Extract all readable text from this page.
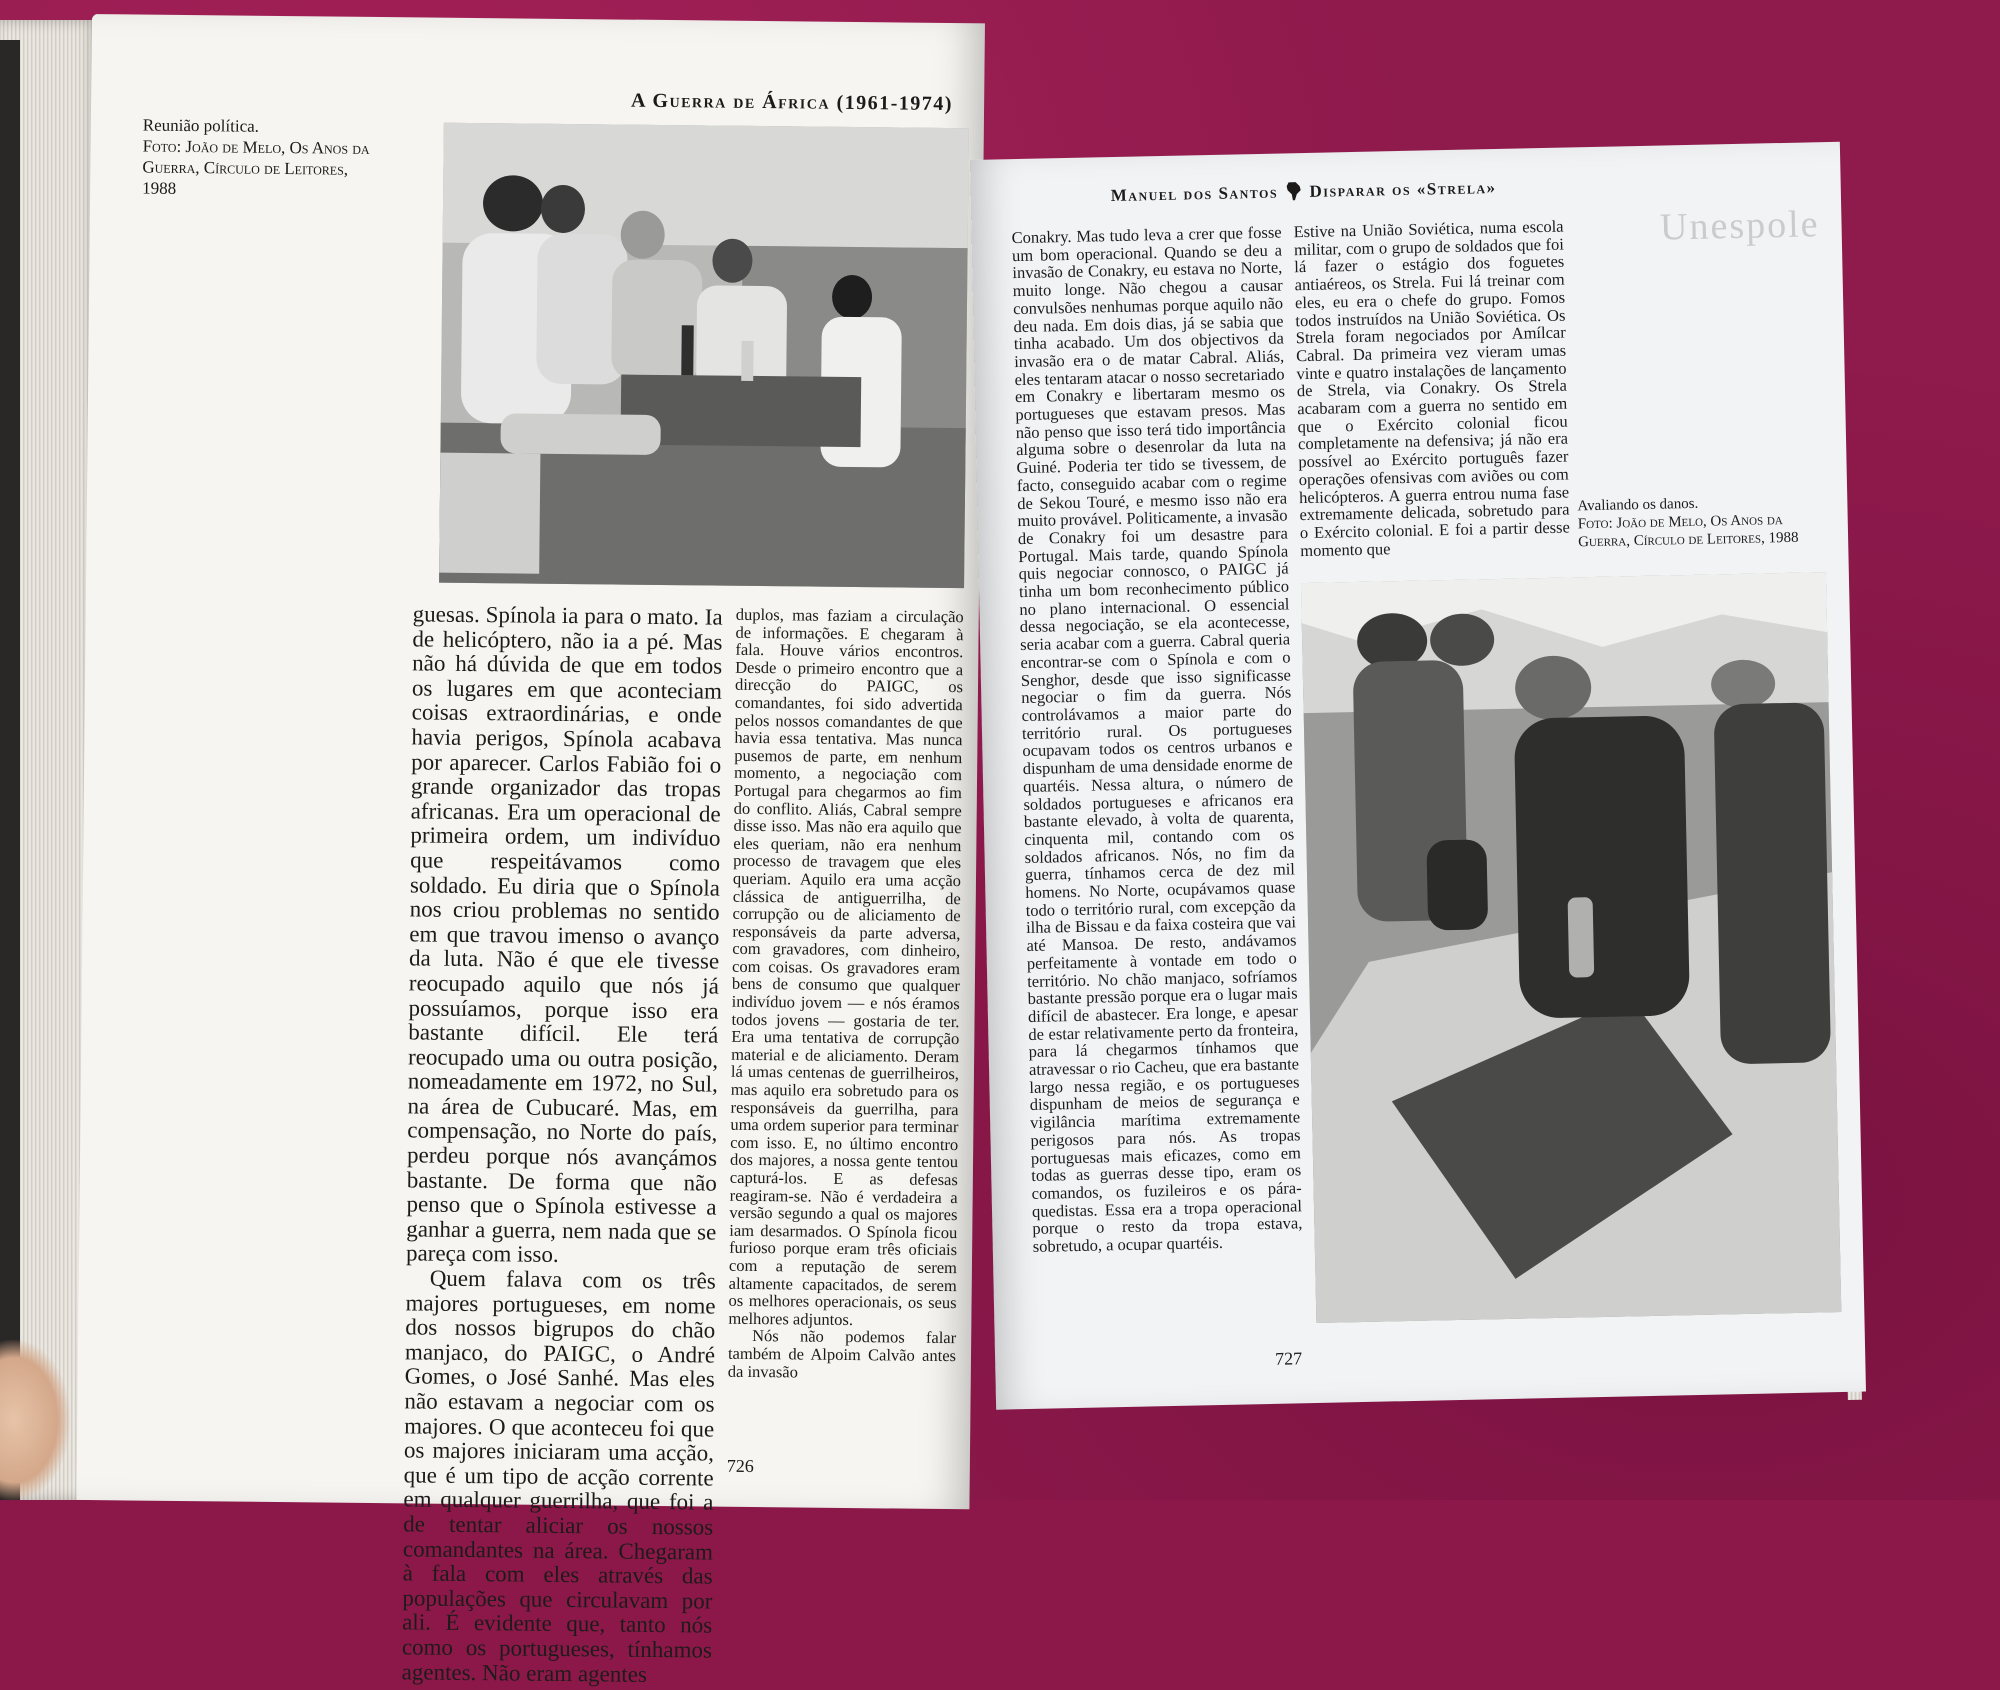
A Guerra de África (1961-1974)
Reunião política.
Foto: João de Melo, Os Anos da Guerra, Círculo de Leitores, 1988

guesas. Spínola ia para o mato. Ia de helicóptero, não ia a pé. Mas não há dúvida de que em todos os lugares em que aconteciam coisas extraordinárias, e onde havia perigos, Spínola acabava por aparecer. Carlos Fabião foi o grande organizador das tropas africanas. Era um operacional de primeira ordem, um indivíduo que respeitávamos como soldado. Eu diria que o Spínola nos criou problemas no sentido em que travou imenso o avanço da luta. Não é que ele tivesse reocupado aquilo que nós já possuíamos, porque isso era bastante difícil. Ele terá reocupado uma ou outra posição, nomeadamente em 1972, no Sul, na área de Cubucaré. Mas, em compensação, no Norte do país, perdeu porque nós avançámos bastante. De forma que não penso que o Spínola estivesse a ganhar a guerra, nem nada que se pareça com isso.

Quem falava com os três majores portugueses, em nome dos nossos bigrupos do chão manjaco, do PAIGC, o André Gomes, o José Sanhé. Mas eles não estavam a negociar com os majores. O que aconteceu foi que os majores iniciaram uma acção, que é um tipo de acção corrente em qualquer guerrilha, que foi a de tentar aliciar os nossos comandantes na área. Chegaram à fala com eles através das populações que circulavam por ali. É evidente que, tanto nós como os portugueses, tínhamos agentes. Não eram agentes

duplos, mas faziam a circulação de informações. E chegaram à fala. Houve vários encontros. Desde o primeiro encontro que a direcção do PAIGC, os comandantes, foi sido advertida pelos nossos comandantes de que havia essa tentativa. Mas nunca pusemos de parte, em nenhum momento, a negociação com Portugal para chegarmos ao fim do conflito. Aliás, Cabral sempre disse isso. Mas não era aquilo que eles queriam, não era nenhum processo de travagem que eles queriam. Aquilo era uma acção clássica de antiguerrilha, de corrupção ou de aliciamento de responsáveis da parte adversa, com gravadores, com dinheiro, com coisas. Os gravadores eram bens de consumo que qualquer indivíduo jovem — e nós éramos todos jovens — gostaria de ter. Era uma tentativa de corrupção material e de aliciamento. Deram lá umas centenas de guerrilheiros, mas aquilo era sobretudo para os responsáveis da guerrilha, para uma ordem superior para terminar com isso. E, no último encontro dos majores, a nossa gente tentou capturá-los. E as defesas reagiram-se. Não é verdadeira a versão segundo a qual os majores iam desarmados. O Spínola ficou furioso porque eram três oficiais com a reputação de serem altamente capacitados, de serem os melhores operacionais, os seus melhores adjuntos.

Nós não podemos falar também de Alpoim Calvão antes da invasão

726
Unespole
Manuel dos Santos Disparar os «Strela»

Conakry. Mas tudo leva a crer que fosse um bom operacional. Quando se deu a invasão de Conakry, eu estava no Norte, muito longe. Não chegou a causar convulsões nenhumas porque aquilo não deu nada. Em dois dias, já se sabia que tinha acabado. Um dos objectivos da invasão era o de matar Cabral. Aliás, eles tentaram atacar o nosso secretariado em Conakry e libertaram mesmo os portugueses que estavam presos. Mas não penso que isso terá tido importância alguma sobre o desenrolar da luta na Guiné. Poderia ter tido se tivessem, de facto, conseguido acabar com o regime de Sekou Touré, e mesmo isso não era muito provável. Politicamente, a invasão de Conakry foi um desastre para Portugal. Mais tarde, quando Spínola quis negociar connosco, o PAIGC já tinha um bom reconhecimento público no plano internacional. O essencial dessa negociação, se ela acontecesse, seria acabar com a guerra. Cabral queria encontrar-se com o Spínola e com o Senghor, desde que isso significasse negociar o fim da guerra. Nós controlávamos a maior parte do território rural. Os portugueses ocupavam todos os centros urbanos e dispunham de uma densidade enorme de quartéis. Nessa altura, o número de soldados portugueses e africanos era bastante elevado, à volta de quarenta, cinquenta mil, contando com os soldados africanos. Nós, no fim da guerra, tínhamos cerca de dez mil homens. No Norte, ocupávamos quase todo o território rural, com excepção da ilha de Bissau e da faixa costeira que vai até Mansoa. De resto, andávamos perfeitamente à vontade em todo o território. No chão manjaco, sofríamos bastante pressão porque era o lugar mais difícil de abastecer. Era longe, e apesar de estar relativamente perto da fronteira, para lá chegarmos tínhamos que atravessar o rio Cacheu, que era bastante largo nessa região, e os portugueses dispunham de meios de segurança e vigilância marítima extremamente perigosos para nós. As tropas portuguesas mais eficazes, como em todas as guerras desse tipo, eram os comandos, os fuzileiros e os pára-quedistas. Essa era a tropa operacional porque o resto da tropa estava, sobretudo, a ocupar quartéis.

Estive na União Soviética, numa escola militar, com o grupo de soldados que foi lá fazer o estágio dos foguetes antiaéreos, os Strela. Fui lá treinar com eles, eu era o chefe do grupo. Fomos todos instruídos na União Soviética. Os Strela foram negociados por Amílcar Cabral. Da primeira vez vieram umas vinte e quatro instalações de lançamento de Strela, via Conakry. Os Strela acabaram com a guerra no sentido em que o Exército colonial ficou completamente na defensiva; já não era possível ao Exército português fazer operações ofensivas com aviões ou com helicópteros. A guerra entrou numa fase extremamente delicada, sobretudo para o Exército colonial. E foi a partir desse momento que

Avaliando os danos.
Foto: João de Melo, Os Anos da Guerra, Círculo de Leitores, 1988
727
